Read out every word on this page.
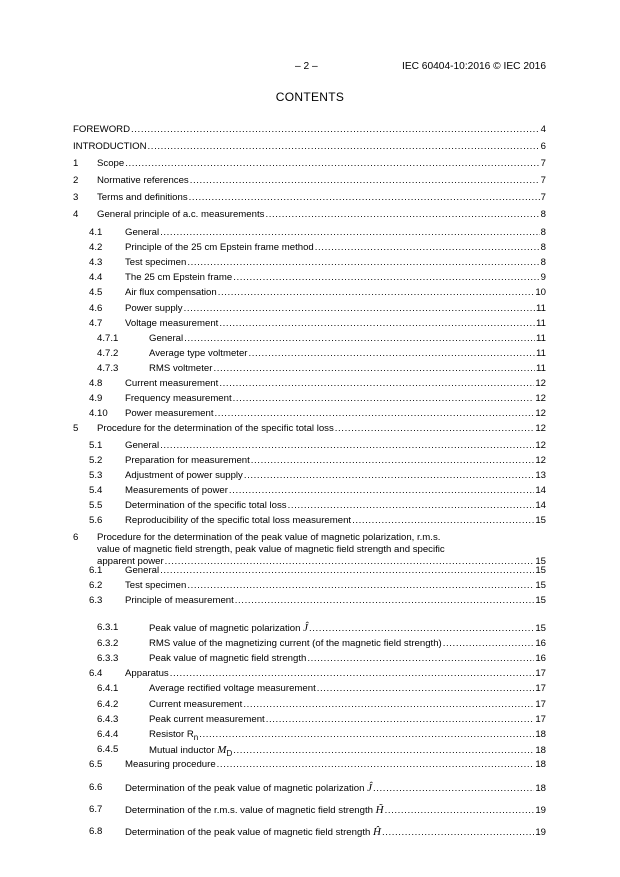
– 2 –	IEC 60404-10:2016 © IEC 2016
CONTENTS
FOREWORD .....	4
INTRODUCTION .....	6
1 Scope .....	7
2 Normative references .....	7
3 Terms and definitions .....	7
4 General principle of a.c. measurements .....	8
4.1 General .....	8
4.2 Principle of the 25 cm Epstein frame method .....	8
4.3 Test specimen .....	8
4.4 The 25 cm Epstein frame .....	9
4.5 Air flux compensation .....	10
4.6 Power supply .....	11
4.7 Voltage measurement .....	11
4.7.1	General .....	11
4.7.2	Average type voltmeter .....	11
4.7.3	RMS voltmeter .....	11
4.8 Current measurement .....	12
4.9 Frequency measurement .....	12
4.10 Power measurement .....	12
5 Procedure for the determination of the specific total loss .....	12
5.1 General .....	12
5.2 Preparation for measurement .....	12
5.3 Adjustment of power supply .....	13
5.4 Measurements of power .....	14
5.5 Determination of the specific total loss .....	14
5.6 Reproducibility of the specific total loss measurement .....	15
6 Procedure for the determination of the peak value of magnetic polarization, r.m.s.
value of magnetic field strength, peak value of magnetic field strength and specific
apparent power .....	15
6.1 General .....	15
6.2 Test specimen .....	15
6.3 Principle of measurement .....	15
6.3.1	Peak value of magnetic polarization Ĵ .....	15
6.3.2	RMS value of the magnetizing current (of the magnetic field strength) .....	16
6.3.3	Peak value of magnetic field strength .....	16
6.4 Apparatus .....	17
6.4.1	Average rectified voltage measurement .....	17
6.4.2	Current measurement .....	17
6.4.3	Peak current measurement .....	17
6.4.4	Resistor $R_n$ .....	18
6.4.5	Mutual inductor $M_D$ .....	18
6.5 Measuring procedure .....	18
6.6 Determination of the peak value of magnetic polarization Ĵ .....	18
6.7 Determination of the r.m.s. value of magnetic field strength H̃ .....	19
6.8 Determination of the peak value of magnetic field strength Ĥ .....	19
